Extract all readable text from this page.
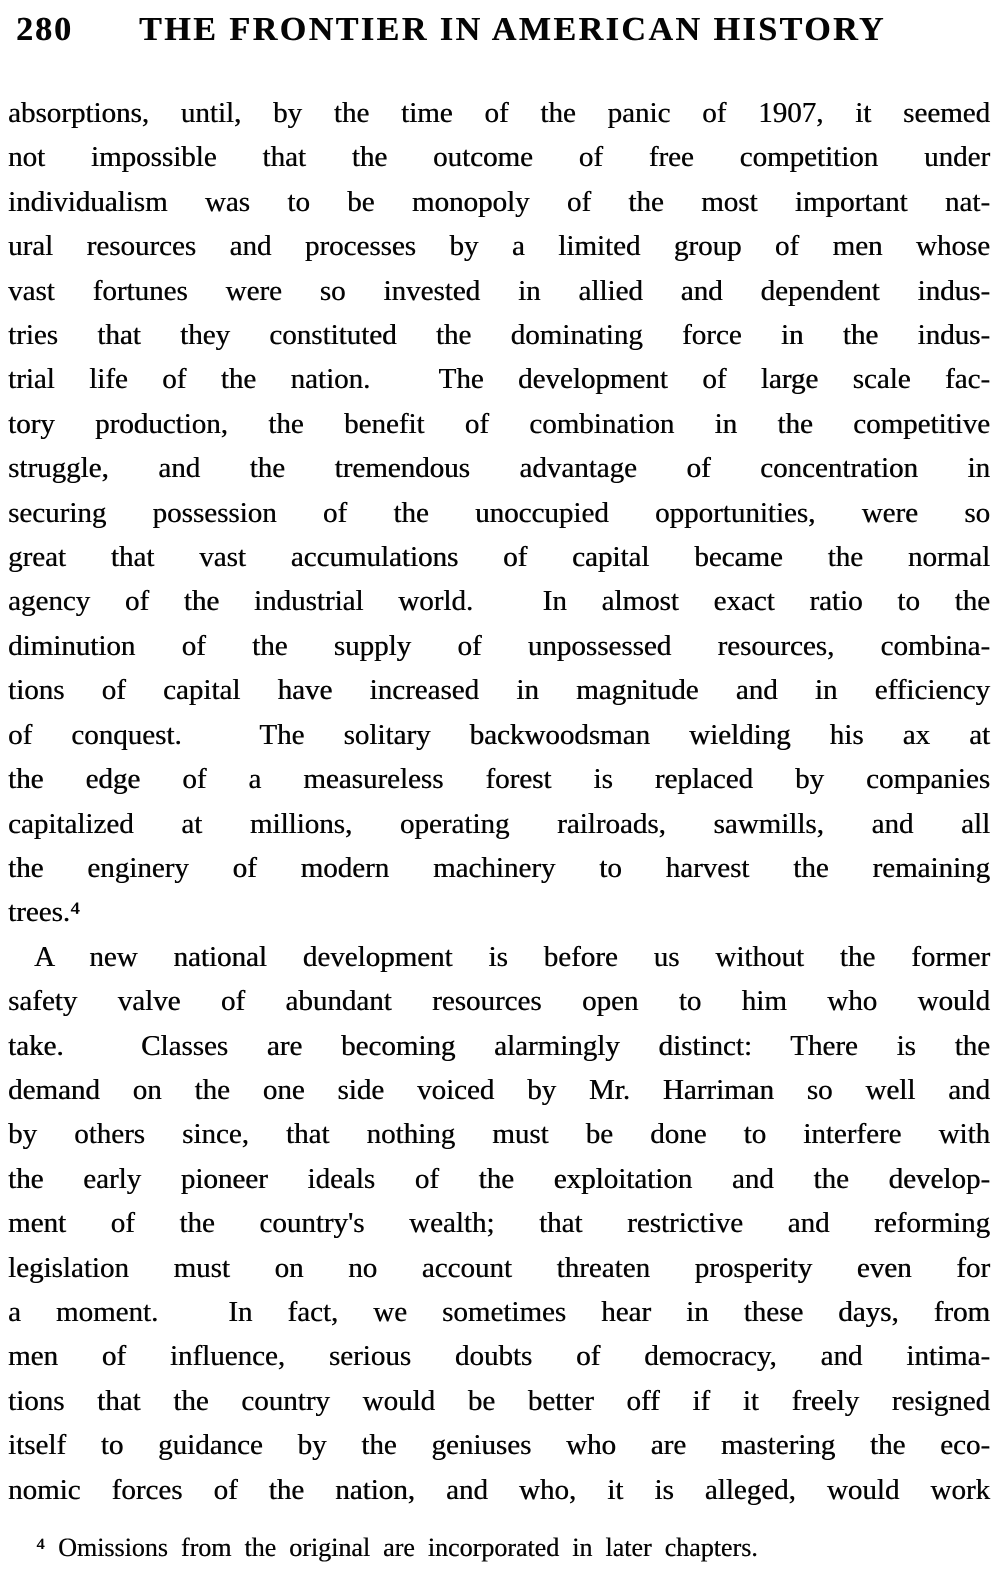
280 THE FRONTIER IN AMERICAN HISTORY
absorptions, until, by the time of the panic of 1907, it seemed
not impossible that the outcome of free competition under
individualism was to be monopoly of the most important nat-
ural resources and processes by a limited group of men whose
vast fortunes were so invested in allied and dependent indus-
tries that they constituted the dominating force in the indus-
trial life of the nation.  The development of large scale fac-
tory production, the benefit of combination in the competitive
struggle, and the tremendous advantage of concentration in
securing possession of the unoccupied opportunities, were so
great that vast accumulations of capital became the normal
agency of the industrial world.  In almost exact ratio to the
diminution of the supply of unpossessed resources, combina-
tions of capital have increased in magnitude and in efficiency
of conquest.  The solitary backwoodsman wielding his ax at
the edge of a measureless forest is replaced by companies
capitalized at millions, operating railroads, sawmills, and all
the enginery of modern machinery to harvest the remaining
trees.⁴
A new national development is before us without the former
safety valve of abundant resources open to him who would
take.  Classes are becoming alarmingly distinct: There is the
demand on the one side voiced by Mr. Harriman so well and
by others since, that nothing must be done to interfere with
the early pioneer ideals of the exploitation and the develop-
ment of the country's wealth; that restrictive and reforming
legislation must on no account threaten prosperity even for
a moment.  In fact, we sometimes hear in these days, from
men of influence, serious doubts of democracy, and intima-
tions that the country would be better off if it freely resigned
itself to guidance by the geniuses who are mastering the eco-
nomic forces of the nation, and who, it is alleged, would work
⁴ Omissions from the original are incorporated in later chapters.
